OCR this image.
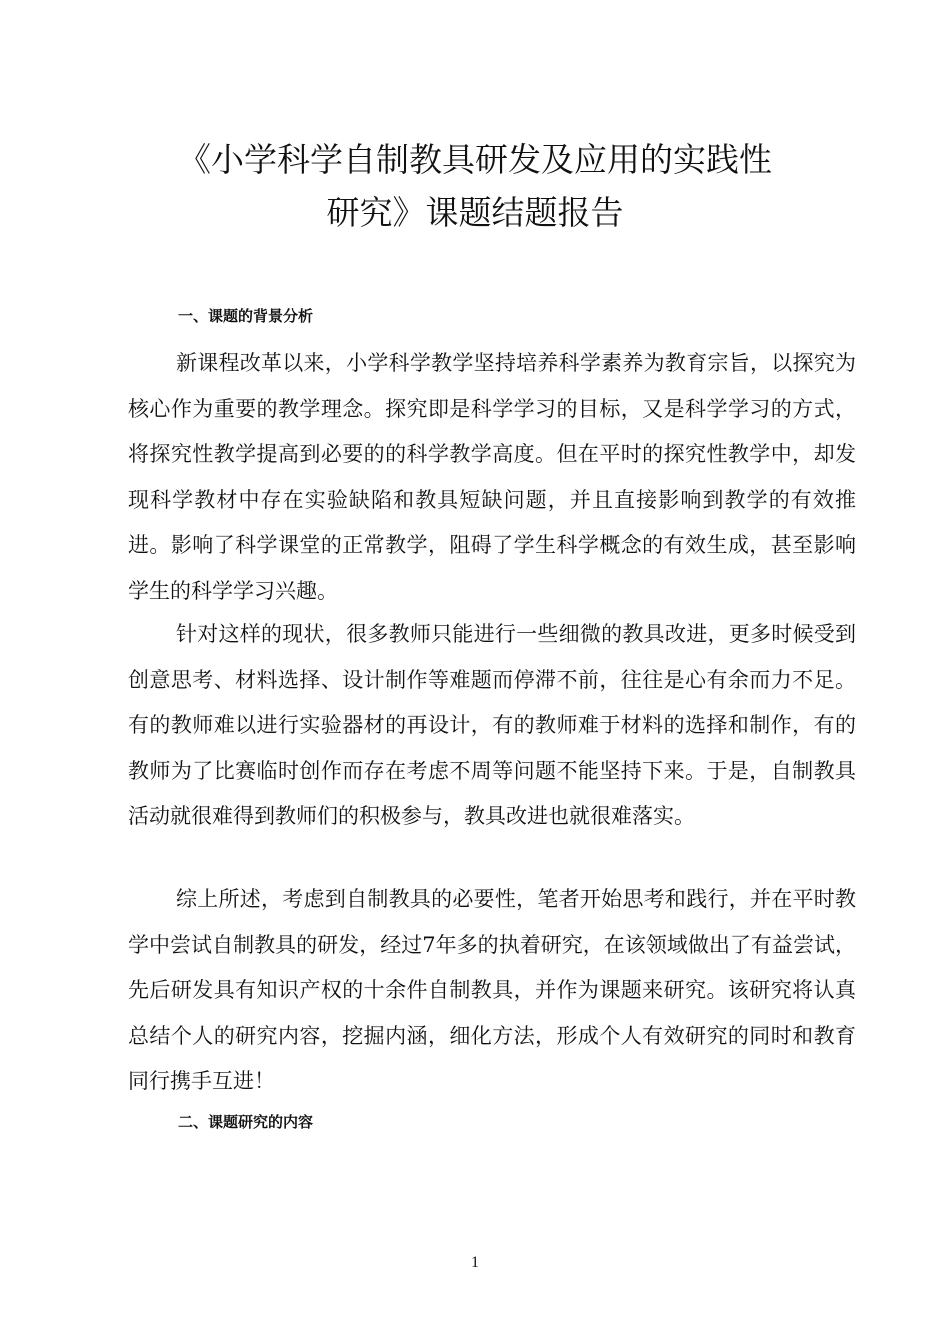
《小学科学自制教具研发及应用的实践性
研究》课题结题报告
一、课题的背景分析

新课程改革以来，小学科学教学坚持培养科学素养为教育宗旨，以探究为核心作为重要的教学理念。探究即是科学学习的目标，又是科学学习的方式，将探究性教学提高到必要的的科学教学高度。但在平时的探究性教学中，却发现科学教材中存在实验缺陷和教具短缺问题，并且直接影响到教学的有效推进。影响了科学课堂的正常教学，阻碍了学生科学概念的有效生成，甚至影响学生的科学学习兴趣。

针对这样的现状，很多教师只能进行一些细微的教具改进，更多时候受到创意思考、材料选择、设计制作等难题而停滞不前，往往是心有余而力不足。有的教师难以进行实验器材的再设计，有的教师难于材料的选择和制作，有的教师为了比赛临时创作而存在考虑不周等问题不能坚持下来。于是，自制教具活动就很难得到教师们的积极参与，教具改进也就很难落实。

综上所述，考虑到自制教具的必要性，笔者开始思考和践行，并在平时教学中尝试自制教具的研发，经过7年多的执着研究，在该领域做出了有益尝试，先后研发具有知识产权的十余件自制教具，并作为课题来研究。该研究将认真总结个人的研究内容，挖掘内涵，细化方法，形成个人有效研究的同时和教育同行携手互进！

二、课题研究的内容
1
